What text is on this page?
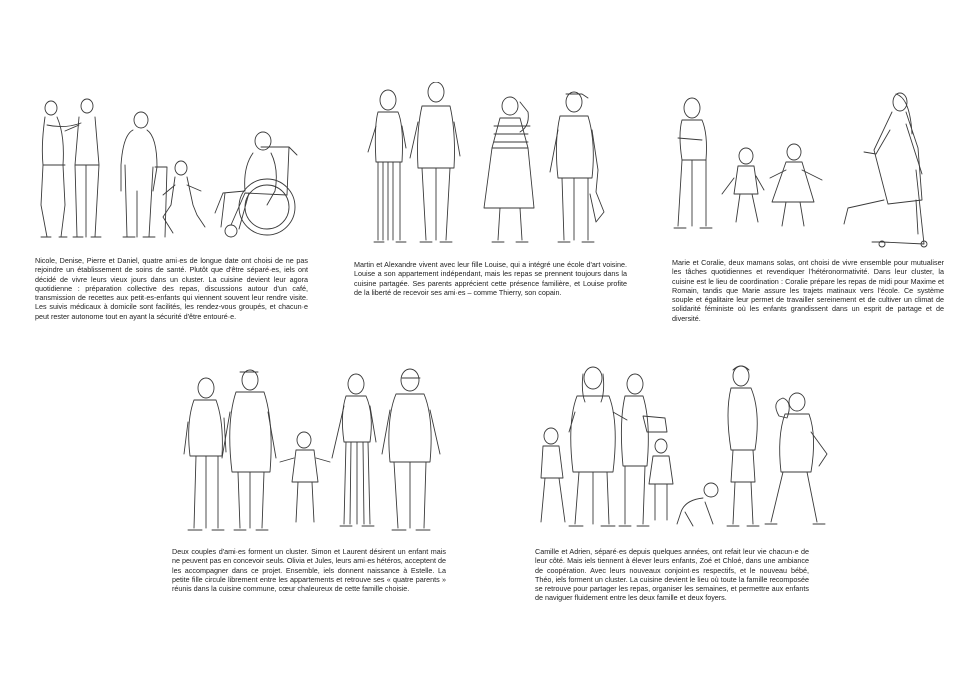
Nicole, Denise, Pierre et Daniel, quatre ami·es de longue date ont choisi de ne pas rejoindre un établissement de soins de santé. Plutôt que d'être séparé·es, iels ont décidé de vivre leurs vieux jours dans un cluster. La cuisine devient leur agora quotidienne : préparation collective des repas, discussions autour d'un café, transmission de recettes aux petit·es-enfants qui viennent souvent leur rendre visite. Les suivis médicaux à domicile sont facilités, les rendez-vous groupés, et chacun·e peut rester autonome tout en ayant la sécurité d'être entouré·e.

Martin et Alexandre vivent avec leur fille Louise, qui a intégré une école d'art voisine. Louise a son appartement indépendant, mais les repas se prennent toujours dans la cuisine partagée. Ses parents apprécient cette présence familière, et Louise profite de la liberté de recevoir ses ami·es – comme Thierry, son copain.

Marie et Coralie, deux mamans solas, ont choisi de vivre ensemble pour mutualiser les tâches quotidiennes et revendiquer l'hétéronormativité. Dans leur cluster, la cuisine est le lieu de coordination : Coralie prépare les repas de midi pour Maxime et Romain, tandis que Marie assure les trajets matinaux vers l'école. Ce système souple et égalitaire leur permet de travailler sereinement et de cultiver un climat de solidarité féministe où les enfants grandissent dans un esprit de partage et de diversité.

Deux couples d'ami·es forment un cluster. Simon et Laurent désirent un enfant mais ne peuvent pas en concevoir seuls. Olivia et Jules, leurs ami·es hétéros, acceptent de les accompagner dans ce projet. Ensemble, iels donnent naissance à Estelle. La petite fille circule librement entre les appartements et retrouve ses « quatre parents » réunis dans la cuisine commune, cœur chaleureux de cette famille choisie.

Camille et Adrien, séparé·es depuis quelques années, ont refait leur vie chacun·e de leur côté. Mais iels tiennent à élever leurs enfants, Zoé et Chloé, dans une ambiance de coopération. Avec leurs nouveaux conjoint·es respectifs, et le nouveau bébé, Théo, iels forment un cluster. La cuisine devient le lieu où toute la famille recomposée se retrouve pour partager les repas, organiser les semaines, et permettre aux enfants de naviguer fluidement entre les deux famille et deux foyers.
